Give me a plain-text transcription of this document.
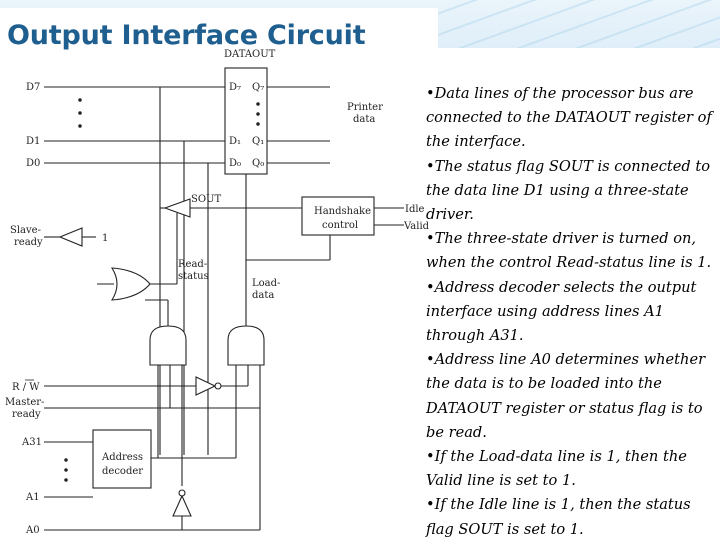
Output Interface Circuit
DATAOUT
D₇ Q₇
D₁ Q₁
D₀ Q₀
D7
D1
D0
Printer
data
SOUT
Handshake
control
Idle
Valid
Slave-
ready	1
Read-
status
Load-
data
R / W
Master-
ready
Address
decoder
A31
A1
A0
•Data lines of the processor bus are connected to the DATAOUT register of the interface.
•The status flag SOUT is connected to the data line D1 using a three-state driver.
•The three-state driver is turned on, when the control Read-status line is 1.
•Address decoder selects the output interface using address lines A1 through A31.
•Address line A0 determines whether the data is to be loaded into the DATAOUT register or status flag is to be read.
•If the Load-data line is 1, then the Valid line is set to 1.
•If the Idle line is 1, then the status flag SOUT is set to 1.
